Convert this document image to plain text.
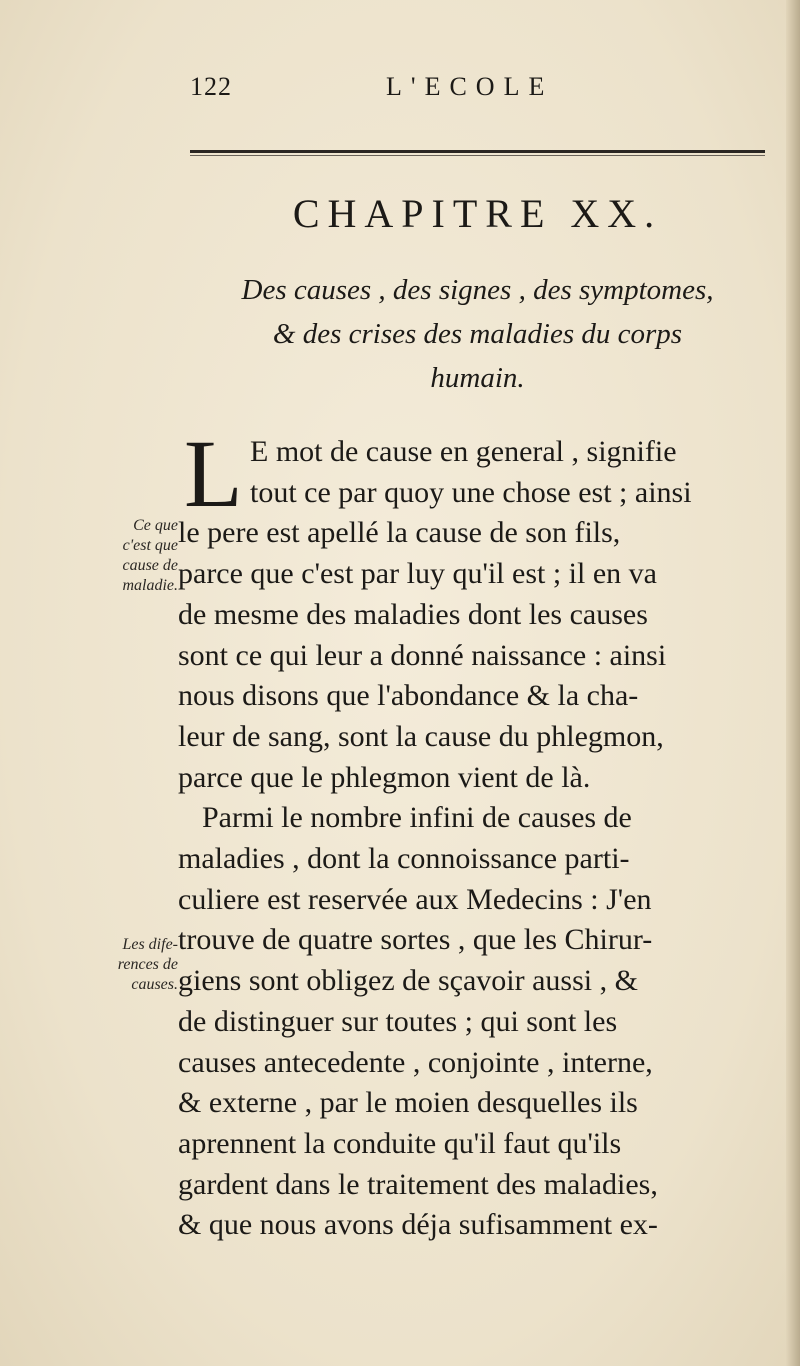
122	L'ECOLE
CHAPITRE XX.
Des causes , des signes , des symptomes,
& des crises des maladies du corps
humain.
Ce que
c'est que
cause de
maladie.
Les dife-
rences de
causes.
L E mot de cause en general , signifie
tout ce par quoy une chose est ; ainsi
le pere est apellé la cause de son fils,
parce que c'est par luy qu'il est ; il en va
de mesme des maladies dont les causes
sont ce qui leur a donné naissance : ainsi
nous disons que l'abondance & la cha-
leur de sang, sont la cause du phlegmon,
parce que le phlegmon vient de là.
Parmi le nombre infini de causes de
maladies , dont la connoissance parti-
culiere est reservée aux Medecins : J'en
trouve de quatre sortes , que les Chirur-
giens sont obligez de sçavoir aussi , &
de distinguer sur toutes ; qui sont les
causes antecedente , conjointe , interne,
& externe , par le moien desquelles ils
aprennent la conduite qu'il faut qu'ils
gardent dans le traitement des maladies,
& que nous avons déja sufisamment ex-
